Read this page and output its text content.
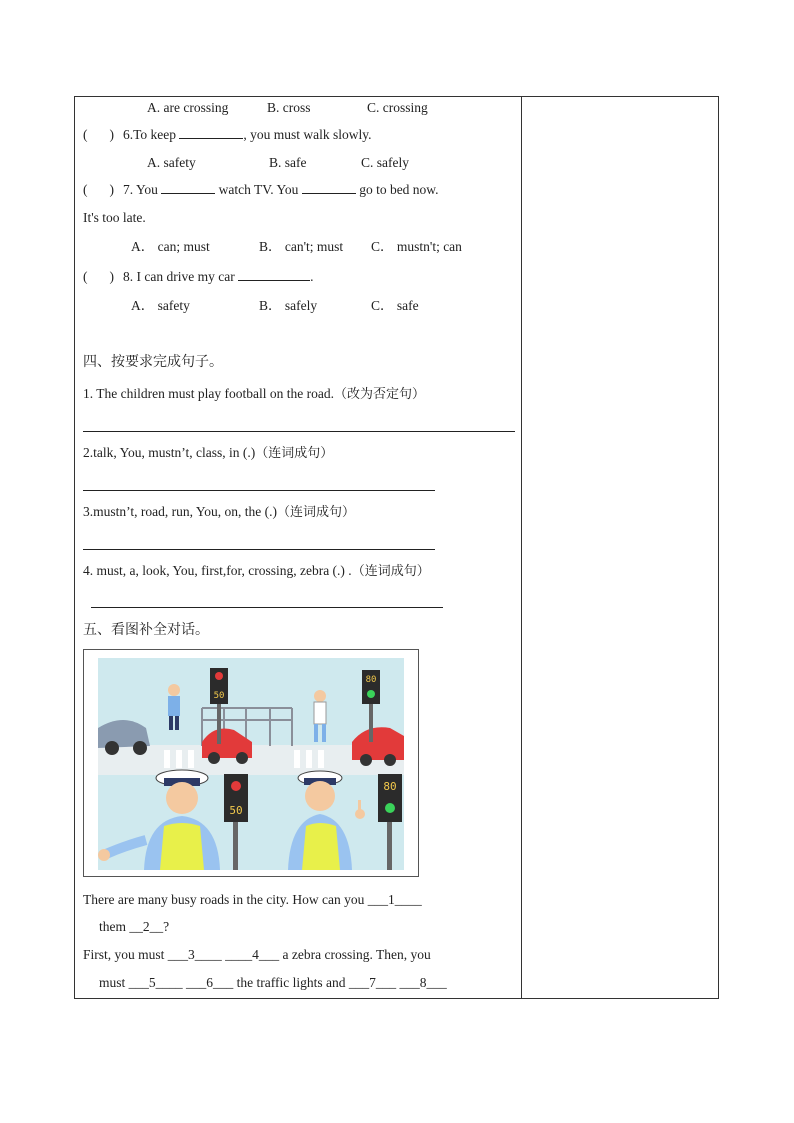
A. are crossing	B. cross	C. crossing
( ) 6.To keep	, you must walk slowly.
A. safety	B. safe	C. safely
( ) 7. You	watch TV. You	go to bed now.
It's too late.
A． can; must	B． can't; must C． mustn't; can
( ) 8. I can drive my car	.
A． safety	B． safely	C． safe
四、按要求完成句子。
1. The children must play football on the road.（改为否定句）
2.talk, You, mustn’t, class, in (.)（连词成句）
3.mustn’t, road, run, You, on, the (.)（连词成句）
4. must, a, look, You, first,for, crossing, zebra (.) .（连词成句）
五、看图补全对话。
50
80
50
80
There are many busy roads in the city. How can you ___1____
them __2__?
First, you must ___3____ ____4___ a zebra crossing. Then, you
must ___5____ ___6___ the traffic lights and ___7___ ___8___
